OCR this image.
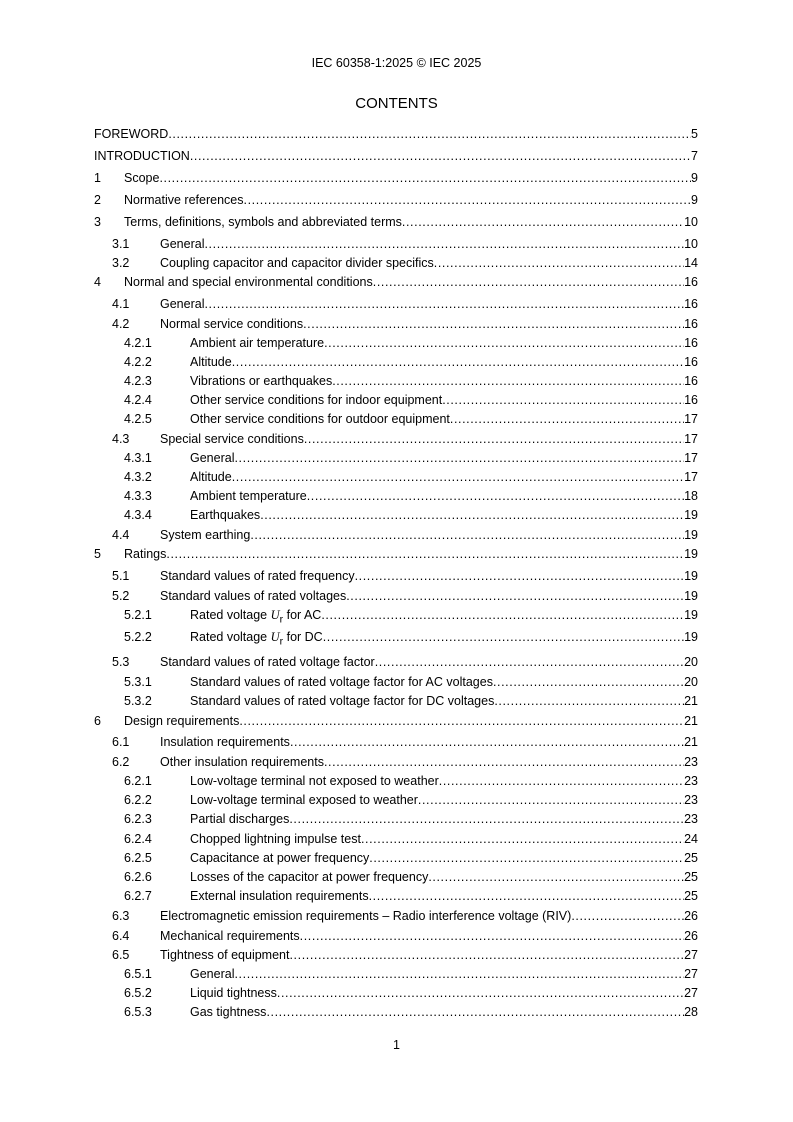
IEC 60358-1:2025 © IEC 2025
CONTENTS
FOREWORD .....	5
INTRODUCTION .....	7
1 Scope .....	9
2 Normative references .....	9
3 Terms, definitions, symbols and abbreviated terms .....	10
3.1 General .....	10
3.2 Coupling capacitor and capacitor divider specifics .....	14
4 Normal and special environmental conditions .....	16
4.1 General .....	16
4.2 Normal service conditions .....	16
4.2.1	Ambient air temperature .....	16
4.2.2	Altitude .....	16
4.2.3	Vibrations or earthquakes .....	16
4.2.4	Other service conditions for indoor equipment .....	16
4.2.5	Other service conditions for outdoor equipment .....	17
4.3 Special service conditions .....	17
4.3.1	General .....	17
4.3.2	Altitude .....	17
4.3.3	Ambient temperature .....	18
4.3.4	Earthquakes .....	19
4.4 System earthing .....	19
5 Ratings .....	19
5.1 Standard values of rated frequency .....	19
5.2 Standard values of rated voltages .....	19
5.2.1	Rated voltage $U_r$ for AC .....	19
5.2.2	Rated voltage $U_r$ for DC .....	19
5.3 Standard values of rated voltage factor .....	20
5.3.1	Standard values of rated voltage factor for AC voltages .....	20
5.3.2	Standard values of rated voltage factor for DC voltages .....	21
6 Design requirements .....	21
6.1 Insulation requirements .....	21
6.2 Other insulation requirements .....	23
6.2.1	Low-voltage terminal not exposed to weather .....	23
6.2.2	Low-voltage terminal exposed to weather .....	23
6.2.3	Partial discharges .....	23
6.2.4	Chopped lightning impulse test .....	24
6.2.5	Capacitance at power frequency .....	25
6.2.6	Losses of the capacitor at power frequency .....	25
6.2.7	External insulation requirements .....	25
6.3 Electromagnetic emission requirements – Radio interference voltage (RIV) .....	26
6.4 Mechanical requirements .....	26
6.5 Tightness of equipment .....	27
6.5.1	General .....	27
6.5.2	Liquid tightness .....	27
6.5.3	Gas tightness .....	28
1
